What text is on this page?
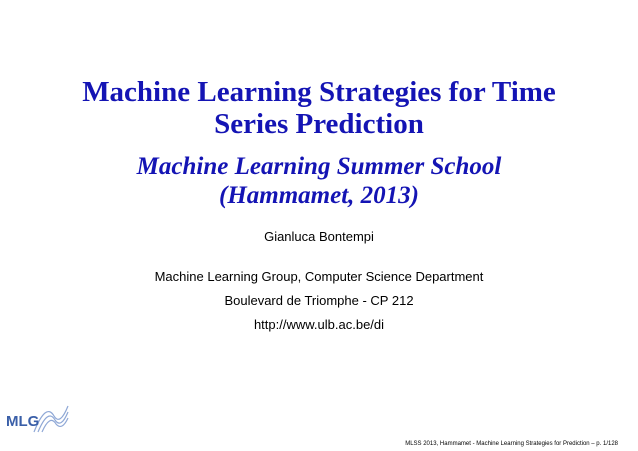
Machine Learning Strategies for Time
Series Prediction
Machine Learning Summer School
(Hammamet, 2013)
Gianluca Bontempi
Machine Learning Group, Computer Science Department
Boulevard de Triomphe - CP 212
http://www.ulb.ac.be/di
MLG
MLSS 2013, Hammamet - Machine Learning Strategies for Prediction – p. 1/128
